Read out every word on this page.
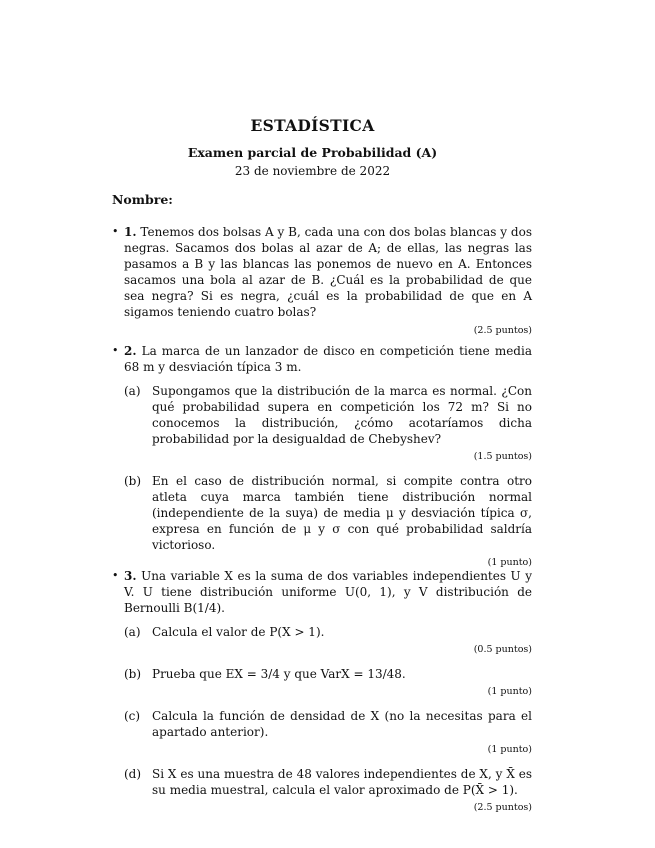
ESTADÍSTICA
Examen parcial de Probabilidad (A)
23 de noviembre de 2022
Nombre:
• 1. Tenemos dos bolsas A y B, cada una con dos bolas blancas y dos negras. Sacamos dos bolas al azar de A; de ellas, las negras las pasamos a B y las blancas las ponemos de nuevo en A. Entonces sacamos una bola al azar de B. ¿Cuál es la probabilidad de que sea negra? Si es negra, ¿cuál es la probabilidad de que en A sigamos teniendo cuatro bolas?
(2.5 puntos)
• 2. La marca de un lanzador de disco en competición tiene media 68 m y desviación típica 3 m.
(a) Supongamos que la distribución de la marca es normal. ¿Con qué probabilidad supera en competición los 72 m? Si no conocemos la distribución, ¿cómo acotaríamos dicha probabilidad por la desigualdad de Chebyshev?
(1.5 puntos)
(b) En el caso de distribución normal, si compite contra otro atleta cuya marca también tiene distribución normal (independiente de la suya) de media μ y desviación típica σ, expresa en función de μ y σ con qué probabilidad saldría victorioso.
(1 punto)
• 3. Una variable X es la suma de dos variables independientes U y V. U tiene distribución uniforme U(0, 1), y V distribución de Bernoulli B(1/4).
(a) Calcula el valor de P(X > 1).
(0.5 puntos)
(b) Prueba que EX = 3/4 y que VarX = 13/48.
(1 punto)
(c) Calcula la función de densidad de X (no la necesitas para el apartado anterior).
(1 punto)
(d) Si X es una muestra de 48 valores independientes de X, y X̄ es su media muestral, calcula el valor aproximado de P(X̄ > 1).
(2.5 puntos)
